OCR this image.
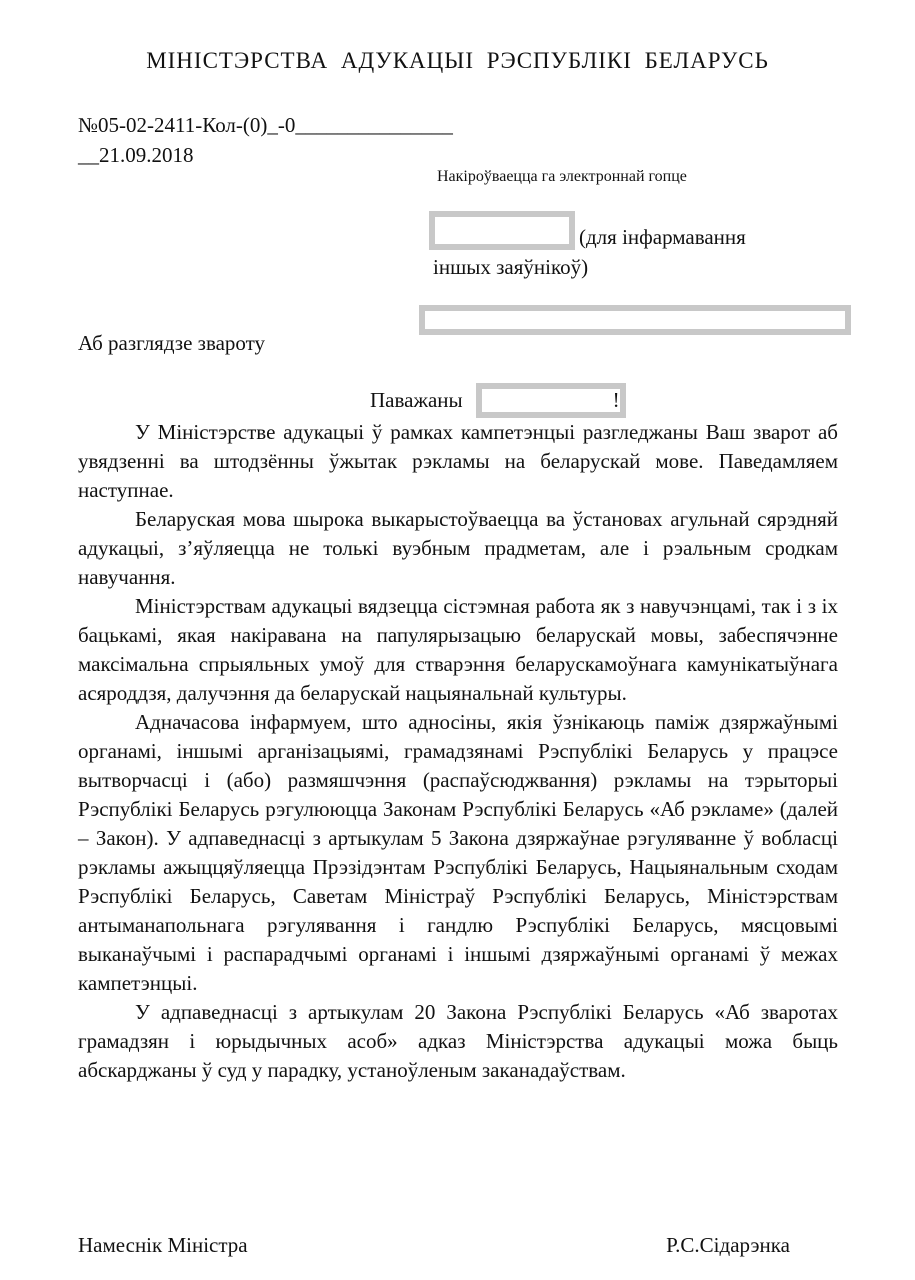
МІНІСТЭРСТВА АДУКАЦЫІ РЭСПУБЛІКІ БЕЛАРУСЬ
№05-02-2411-Кол-(0)_-0_______________
__21.09.2018
Накіроўваецца га электроннай гопце
(для інфармавання
іншых заяўнікоў)
Аб разглядзе звароту
Паважаны	!

У Міністэрстве адукацыі ў рамках кампетэнцыі разгледжаны Ваш зварот аб увядзенні ва штодзённы ўжытак рэкламы на беларускай мове. Паведамляем наступнае.

Беларуская мова шырока выкарыстоўваецца ва ўстановах агульнай сярэдняй адукацыі, з’яўляецца не толькі вуэбным прадметам, але і рэальным сродкам навучання.

Міністэрствам адукацыі вядзецца сістэмная работа як з навучэнцамі, так і з іх бацькамі, якая накіравана на папулярызацыю беларускай мовы, забеспячэнне максімальна спрыяльных умоў для стварэння беларускамоўнага камунікатыўнага асяроддзя, далучэння да беларускай нацыянальнай культуры.

Адначасова інфармуем, што адносіны, якія ўзнікаюць паміж дзяржаўнымі органамі, іншымі арганізацыямі, грамадзянамі Рэспублікі Беларусь у працэсе вытворчасці і (або) размяшчэння (распаўсюджвання) рэкламы на тэрыторыі Рэспублікі Беларусь рэгулююцца Законам Рэспублікі Беларусь «Аб рэкламе» (далей – Закон). У адпаведнасці з артыкулам 5 Закона дзяржаўнае рэгуляванне ў вобласці рэкламы ажыццяўляецца Прэзідэнтам Рэспублікі Беларусь, Нацыянальным сходам Рэспублікі Беларусь, Саветам Міністраў Рэспублікі Беларусь, Міністэрствам антыманапольнага рэгулявання і гандлю Рэспублікі Беларусь, мясцовымі выканаўчымі і распарадчымі органамі і іншымі дзяржаўнымі органамі ў межах кампетэнцыі.

У адпаведнасці з артыкулам 20 Закона Рэспублікі Беларусь «Аб зваротах грамадзян і юрыдычных асоб» адказ Міністэрства адукацыі можа быць абскарджаны ў суд у парадку, устаноўленым заканадаўствам.

Намеснік Міністра	Р.С.Сідарэнка
